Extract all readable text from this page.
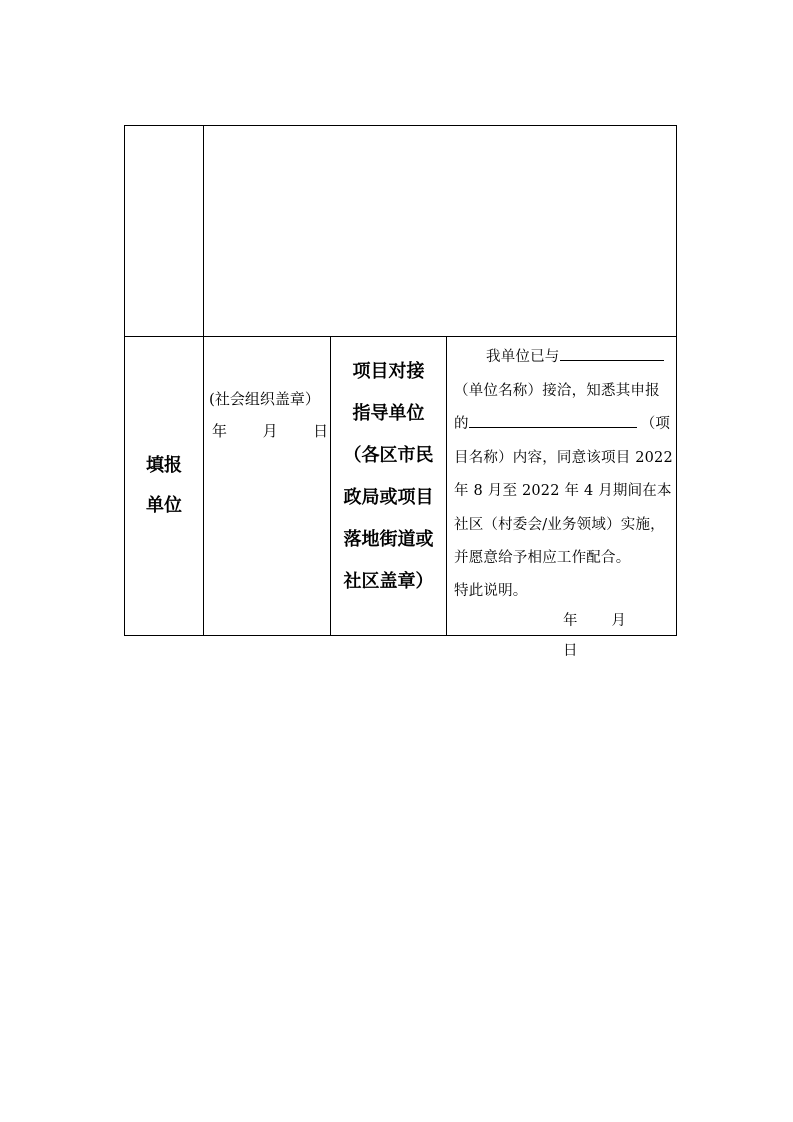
填报
单位
(社会组织盖章）
年 月 日
项目对接
指导单位
（各区市民
政局或项目
落地街道或
社区盖章）
我单位已与
（单位名称）接洽，知悉其申报
的	（项
目名称）内容，同意该项目 2022
年 8 月至 2022 年 4 月期间在本
社区（村委会/业务领域）实施，
并愿意给予相应工作配合。
特此说明。
年 月  日
